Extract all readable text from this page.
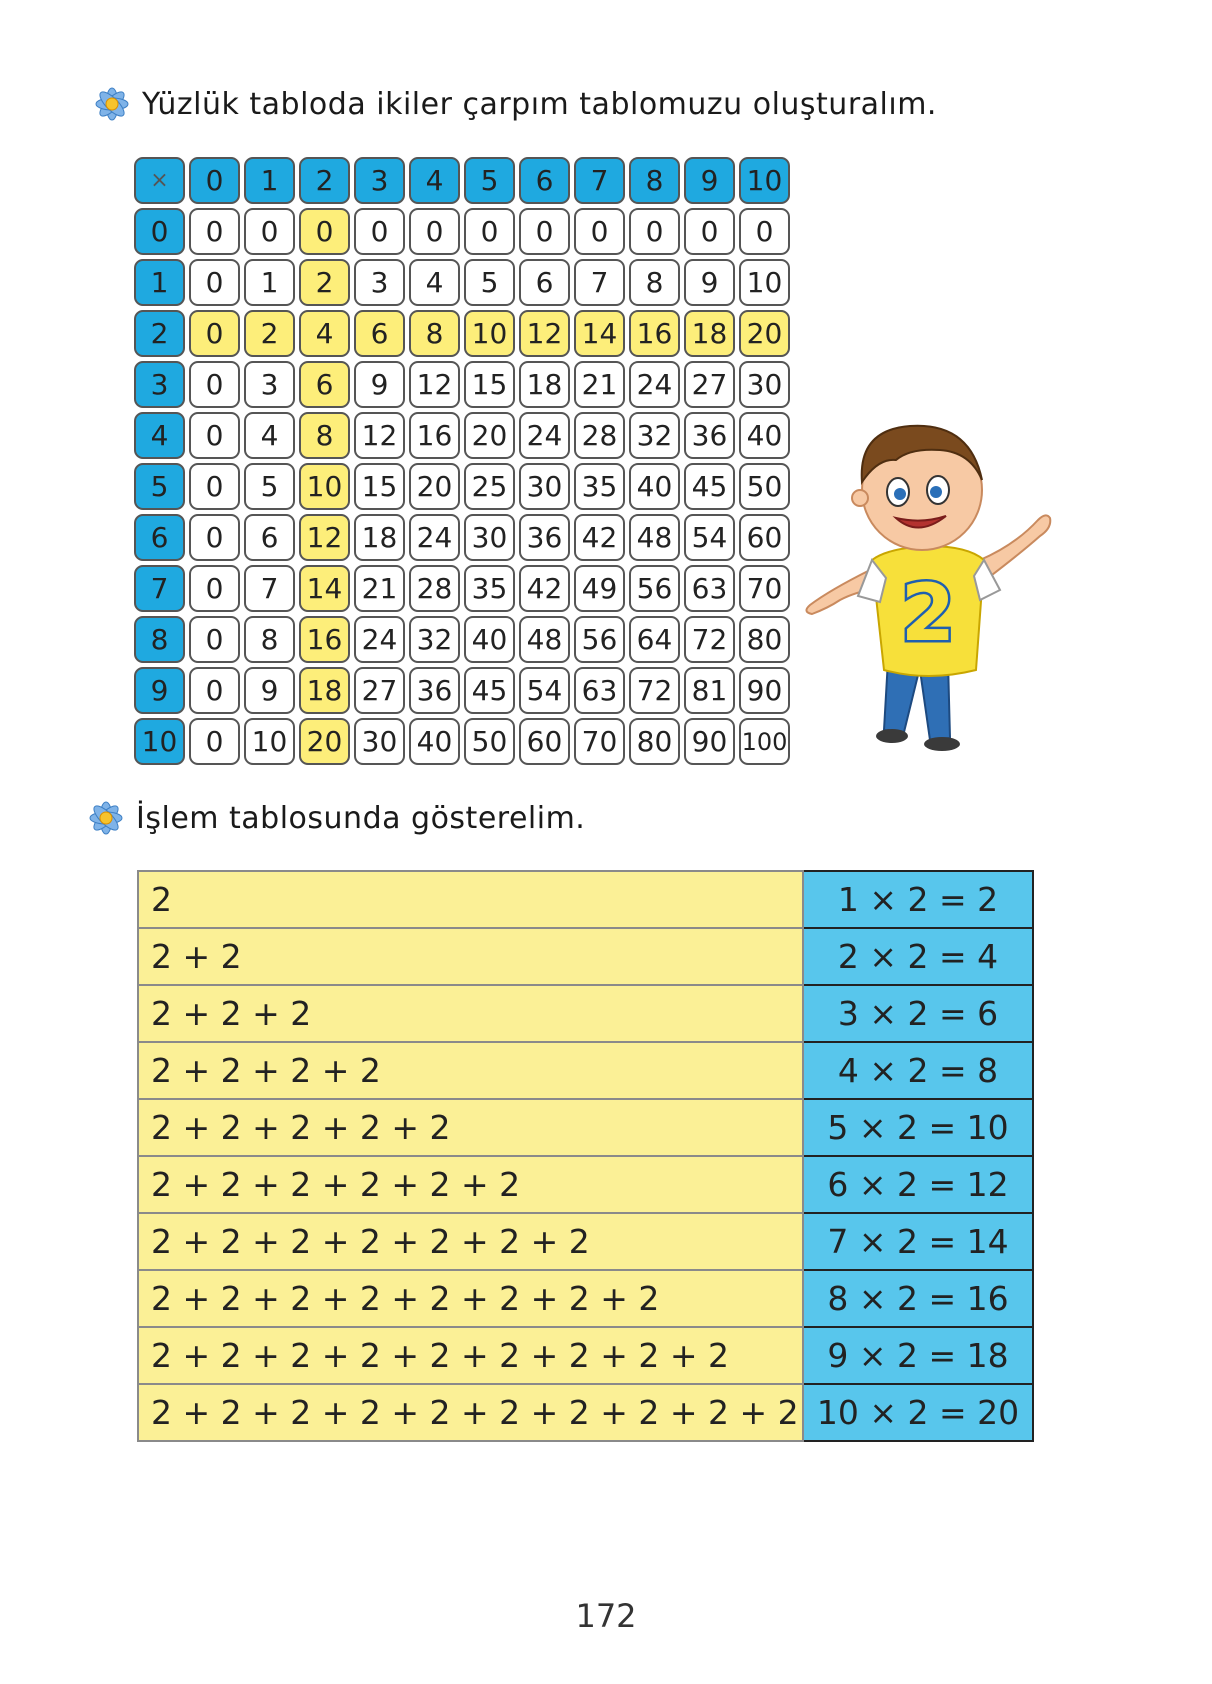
Yüzlük tabloda ikiler çarpım tablomuzu oluşturalım.
×	0	1	2	3	4	5	6	7	8	9	10
0	0	0	0	0	0	0	0	0	0	0	0
1	0	1	2	3	4	5	6	7	8	9	10
2	0	2	4	6	8	10 12 14 16 18 20
3	0	3	6	9	12 15 18 21 24 27 30
4	0	4	8	12 16 20 24 28 32 36 40
5	0	5	10 15 20 25 30 35 40 45 50
6	0	6	12 18 24 30 36 42 48 54 60
7	0	7	14 21 28 35 42 49 56 63 70
8	0	8	16 24 32 40 48 56 64 72 80
9	0	9	18 27 36 45 54 63 72 81 90
10	0	10 20 30 40 50 60 70 80 90 100
2
İşlem tablosunda gösterelim.
2	1 × 2 = 2
2 + 2	2 × 2 = 4
2 + 2 + 2	3 × 2 = 6
2 + 2 + 2 + 2	4 × 2 = 8
2 + 2 + 2 + 2 + 2	5 × 2 = 10
2 + 2 + 2 + 2 + 2 + 2	6 × 2 = 12
2 + 2 + 2 + 2 + 2 + 2 + 2	7 × 2 = 14
2 + 2 + 2 + 2 + 2 + 2 + 2 + 2	8 × 2 = 16
2 + 2 + 2 + 2 + 2 + 2 + 2 + 2 + 2	9 × 2 = 18
2 + 2 + 2 + 2 + 2 + 2 + 2 + 2 + 2 + 2	10 × 2 = 20
172
